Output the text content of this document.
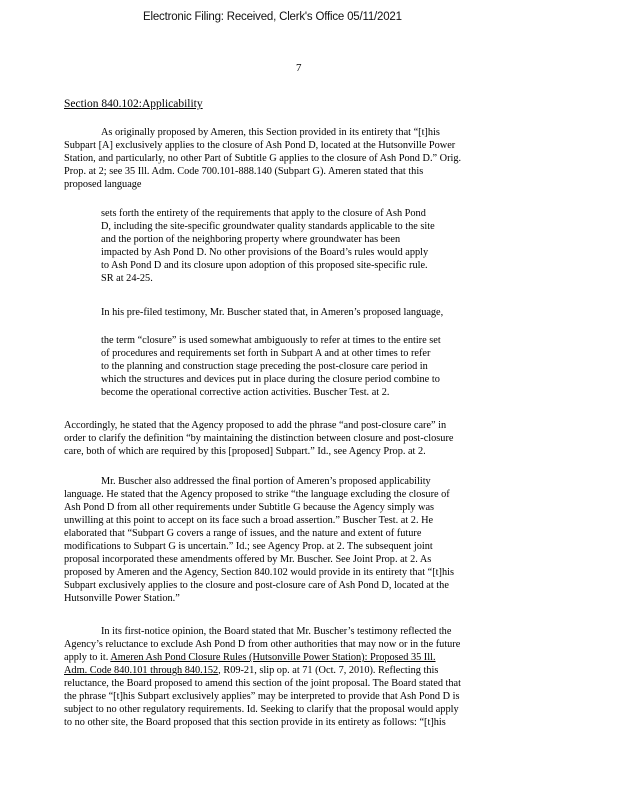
Electronic Filing: Received, Clerk's Office 05/11/2021
7
Section 840.102:Applicability
As originally proposed by Ameren, this Section provided in its entirety that “[t]his
Subpart [A] exclusively applies to the closure of Ash Pond D, located at the Hutsonville Power
Station, and particularly, no other Part of Subtitle G applies to the closure of Ash Pond D.” Orig.
Prop. at 2; see 35 Ill. Adm. Code 700.101-888.140 (Subpart G). Ameren stated that this
proposed language
sets forth the entirety of the requirements that apply to the closure of Ash Pond
D, including the site-specific groundwater quality standards applicable to the site
and the portion of the neighboring property where groundwater has been
impacted by Ash Pond D. No other provisions of the Board’s rules would apply
to Ash Pond D and its closure upon adoption of this proposed site-specific rule.
SR at 24-25.
In his pre-filed testimony, Mr. Buscher stated that, in Ameren’s proposed language,
the term “closure” is used somewhat ambiguously to refer at times to the entire set
of procedures and requirements set forth in Subpart A and at other times to refer
to the planning and construction stage preceding the post-closure care period in
which the structures and devices put in place during the closure period combine to
become the operational corrective action activities. Buscher Test. at 2.
Accordingly, he stated that the Agency proposed to add the phrase “and post-closure care” in
order to clarify the definition “by maintaining the distinction between closure and post-closure
care, both of which are required by this [proposed] Subpart.” Id., see Agency Prop. at 2.
Mr. Buscher also addressed the final portion of Ameren’s proposed applicability
language. He stated that the Agency proposed to strike “the language excluding the closure of
Ash Pond D from all other requirements under Subtitle G because the Agency simply was
unwilling at this point to accept on its face such a broad assertion.” Buscher Test. at 2. He
elaborated that “Subpart G covers a range of issues, and the nature and extent of future
modifications to Subpart G is uncertain.” Id.; see Agency Prop. at 2. The subsequent joint
proposal incorporated these amendments offered by Mr. Buscher. See Joint Prop. at 2. As
proposed by Ameren and the Agency, Section 840.102 would provide in its entirety that “[t]his
Subpart exclusively applies to the closure and post-closure care of Ash Pond D, located at the
Hutsonville Power Station.”
In its first-notice opinion, the Board stated that Mr. Buscher’s testimony reflected the
Agency’s reluctance to exclude Ash Pond D from other authorities that may now or in the future
apply to it. Ameren Ash Pond Closure Rules (Hutsonville Power Station): Proposed 35 Ill.
Adm. Code 840.101 through 840.152, R09-21, slip op. at 71 (Oct. 7, 2010). Reflecting this
reluctance, the Board proposed to amend this section of the joint proposal. The Board stated that
the phrase “[t]his Subpart exclusively applies” may be interpreted to provide that Ash Pond D is
subject to no other regulatory requirements. Id. Seeking to clarify that the proposal would apply
to no other site, the Board proposed that this section provide in its entirety as follows: “[t]his
